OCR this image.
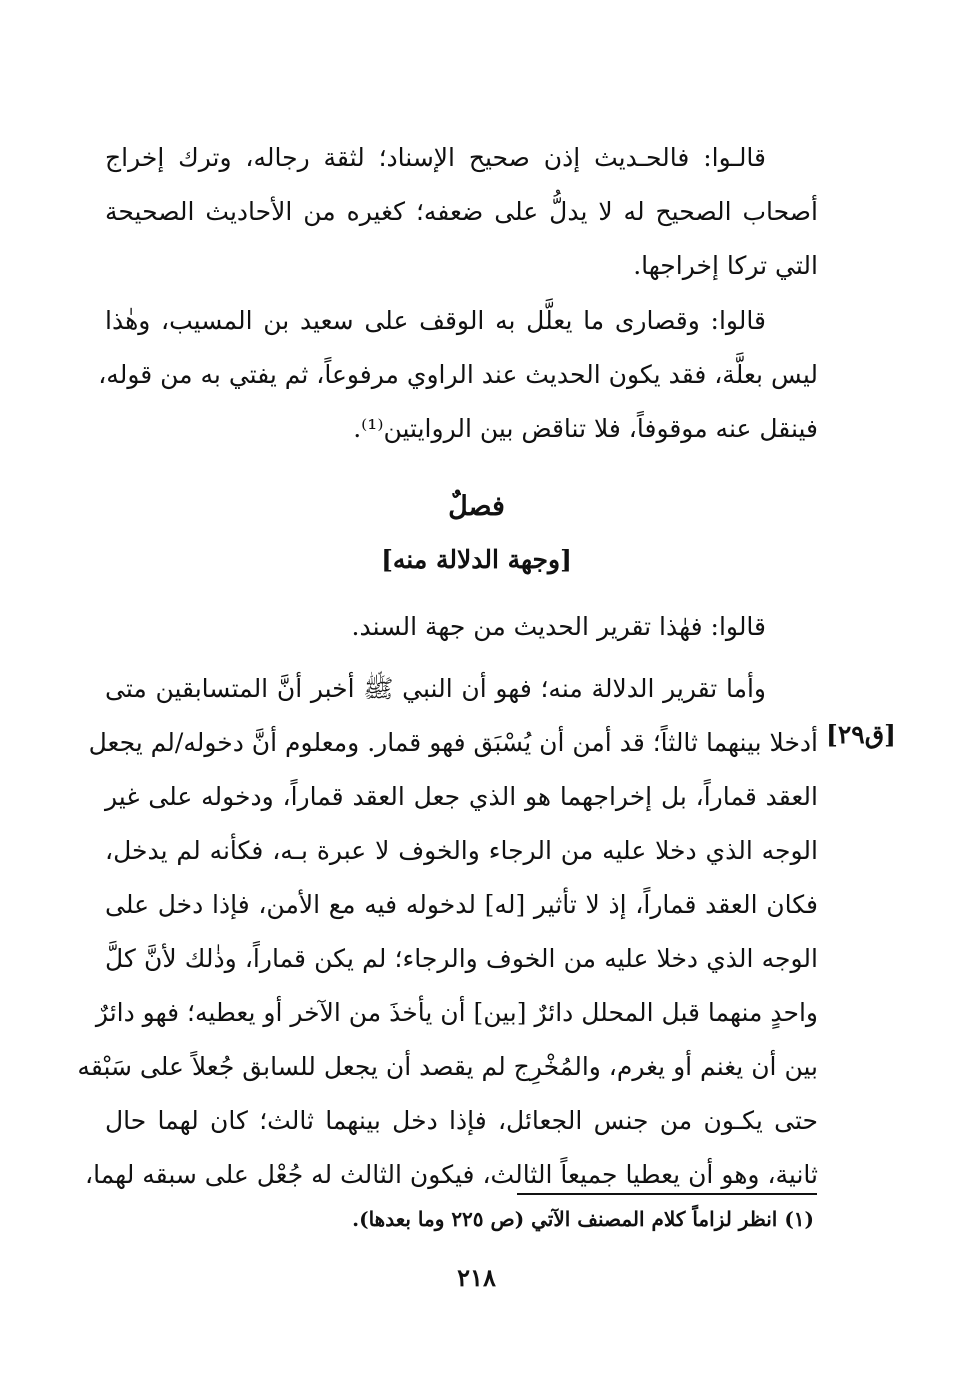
قالـوا: فالحـديث إذن صحيح الإسناد؛ لثقة رجاله، وترك إخراج
أصحاب الصحيح له لا يدلُّ على ضعفه؛ كغيره من الأحاديث الصحيحة
التي تركا إخراجها.
قالوا: وقصارى ما يعلَّل به الوقف على سعيد بن المسيب، وهٰذا
ليس بعلَّة، فقد يكون الحديث عند الراوي مرفوعاً، ثم يفتي به من قوله،
فينقل عنه موقوفاً، فلا تناقض بين الروايتين⁽¹⁾.
فصلٌ
[وجهة الدلالة منه]
قالوا: فهٰذا تقرير الحديث من جهة السند.
وأما تقرير الدلالة منه؛ فهو أن النبي ﷺ أخبر أنَّ المتسابقين متى
أدخلا بينهما ثالثاً؛ قد أمن أن يُسْبَق فهو قمار. ومعلوم أنَّ دخوله/لم يجعل
العقد قماراً، بل إخراجهما هو الذي جعل العقد قماراً، ودخوله على غير
الوجه الذي دخلا عليه من الرجاء والخوف لا عبرة بـه، فكأنه لم يدخل،
فكان العقد قماراً، إذ لا تأثير [له] لدخوله فيه مع الأمن، فإذا دخل على
الوجه الذي دخلا عليه من الخوف والرجاء؛ لم يكن قماراً، وذٰلك لأنَّ كلَّ
واحدٍ منهما قبل المحلل دائرٌ [بين] أن يأخذَ من الآخر أو يعطيه؛ فهو دائرٌ
بين أن يغنم أو يغرم، والمُخْرِج لم يقصد أن يجعل للسابق جُعلاً على سَبْقه
حتى يكـون من جنس الجعائل، فإذا دخل بينهما ثالث؛ كان لهما حال
ثانية، وهو أن يعطيا جميعاً الثالث، فيكون الثالث له جُعْل على سبقه لهما،
[ق٢٩]
(١) انظر لزاماً كلام المصنف الآتي (ص ٢٢٥ وما بعدها).
٢١٨
